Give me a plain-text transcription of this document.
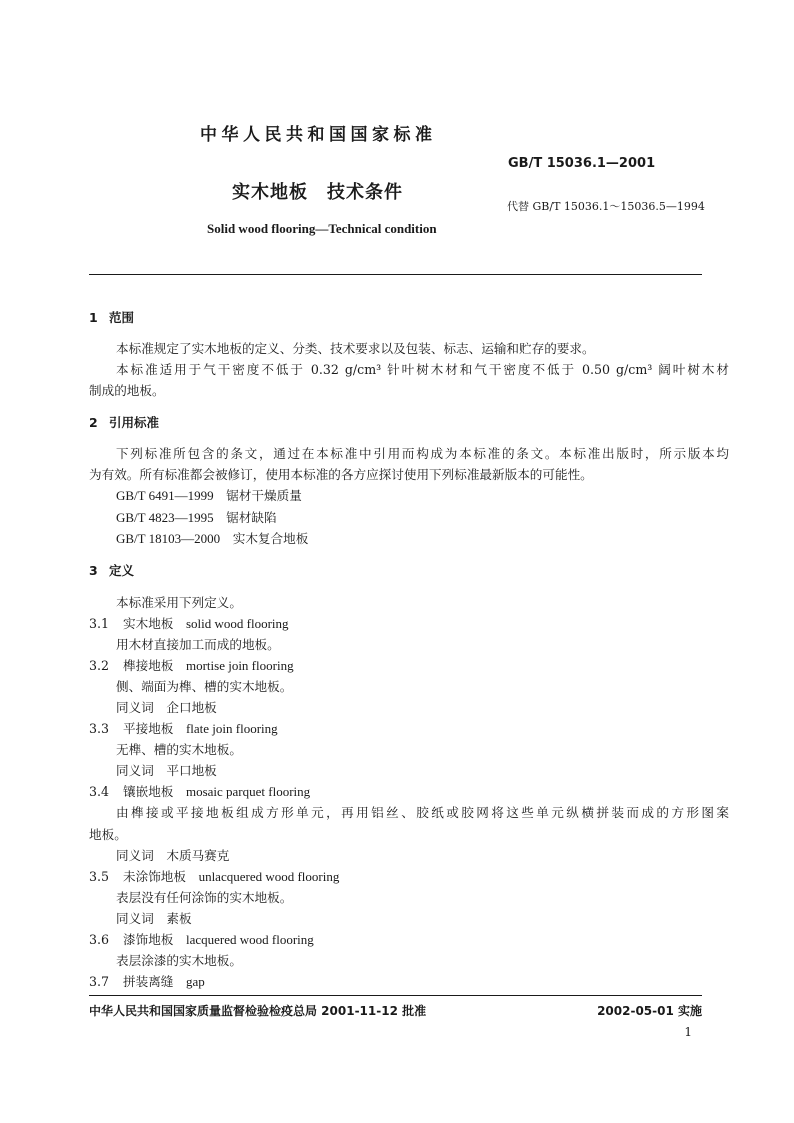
中华人民共和国国家标准
GB/T 15036.1—2001
实木地板　技术条件
代替 GB/T 15036.1～15036.5—1994
Solid wood flooring—Technical condition
1 范围
本标准规定了实木地板的定义、分类、技术要求以及包装、标志、运输和贮存的要求。
本标准适用于气干密度不低于 0.32 g/cm³ 针叶树木材和气干密度不低于 0.50 g/cm³ 阔叶树木材
制成的地板。
2 引用标准
下列标准所包含的条文，通过在本标准中引用而构成为本标准的条文。本标准出版时，所示版本均
为有效。所有标准都会被修订，使用本标准的各方应探讨使用下列标准最新版本的可能性。
GB/T 6491—1999　 锯材干燥质量
GB/T 4823—1995　 锯材缺陷
GB/T 18103—2000　 实木复合地板
3 定义
本标准采用下列定义。
3.1 实木地板　 solid wood flooring
用木材直接加工而成的地板。
3.2 榫接地板　 mortise join flooring
侧、端面为榫、槽的实木地板。
同义词　企口地板
3.3 平接地板　 flate join flooring
无榫、槽的实木地板。
同义词　平口地板
3.4 镶嵌地板　 mosaic parquet flooring
由榫接或平接地板组成方形单元，再用铝丝、胶纸或胶网将这些单元纵横拼装而成的方形图案
地板。
同义词　木质马赛克
3.5 未涂饰地板　 unlacquered wood flooring
表层没有任何涂饰的实木地板。
同义词　素板
3.6 漆饰地板　 lacquered wood flooring
表层涂漆的实木地板。
3.7 拼装离缝　 gap
中华人民共和国国家质量监督检验检疫总局 2001-11-12 批准	2002-05-01 实施
1
